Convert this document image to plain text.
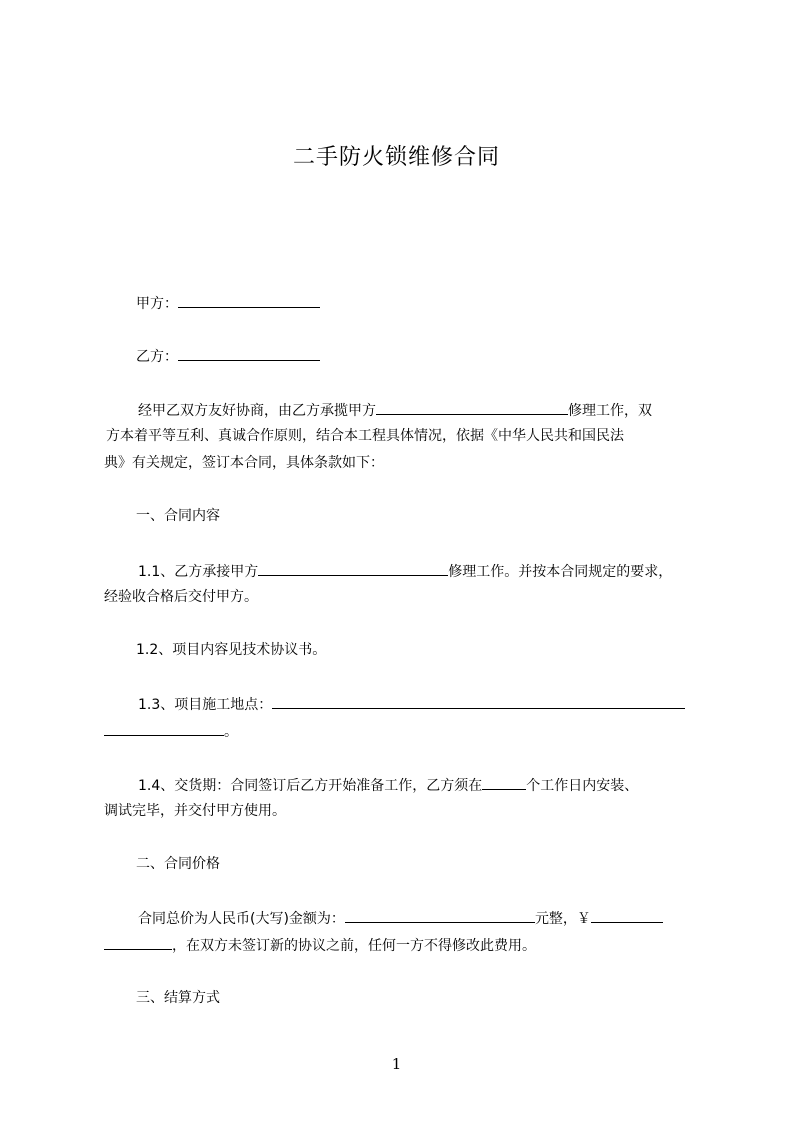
二手防火锁维修合同
甲方：
乙方：
经甲乙双方友好协商，由乙方承揽甲方	修理工作，双
方本着平等互利、真诚合作原则，结合本工程具体情况，依据《中华人民共和国民法
典》有关规定，签订本合同，具体条款如下：
一、合同内容
1.1、乙方承接甲方	修理工作。并按本合同规定的要求，
经验收合格后交付甲方。
1.2、项目内容见技术协议书。
1.3、项目施工地点：
。
1.4、交货期：合同签订后乙方开始准备工作，乙方须在	个工作日内安装、
调试完毕，并交付甲方使用。
二、合同价格
合同总价为人民币(大写)金额为：	元整，￥
，在双方未签订新的协议之前，任何一方不得修改此费用。
三、结算方式
1
